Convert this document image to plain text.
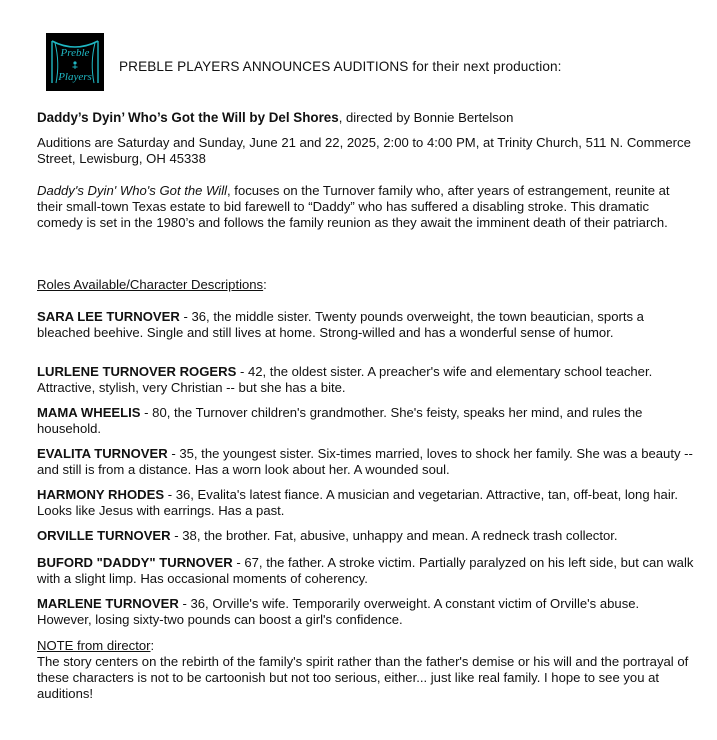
Preble
Players
PREBLE PLAYERS ANNOUNCES AUDITIONS for their next production:
Daddy’s Dyin’ Who’s Got the Will by Del Shores, directed by Bonnie Bertelson
Auditions are Saturday and Sunday, June 21 and 22, 2025, 2:00 to 4:00 PM, at Trinity Church, 511 N. Commerce Street, Lewisburg, OH 45338
Daddy's Dyin' Who's Got the Will, focuses on the Turnover family who, after years of estrangement, reunite at their small-town Texas estate to bid farewell to “Daddy” who has suffered a disabling stroke. This dramatic comedy is set in the 1980’s and follows the family reunion as they await the imminent death of their patriarch.
Roles Available/Character Descriptions:
SARA LEE TURNOVER - 36, the middle sister. Twenty pounds overweight, the town beautician, sports a bleached beehive. Single and still lives at home. Strong-willed and has a wonderful sense of humor.
LURLENE TURNOVER ROGERS - 42, the oldest sister. A preacher's wife and elementary school teacher. Attractive, stylish, very Christian -- but she has a bite.
MAMA WHEELIS - 80, the Turnover children's grandmother. She's feisty, speaks her mind, and rules the household.
EVALITA TURNOVER - 35, the youngest sister. Six-times married, loves to shock her family. She was a beauty -- and still is from a distance. Has a worn look about her. A wounded soul.
HARMONY RHODES - 36, Evalita's latest fiance. A musician and vegetarian. Attractive, tan, off-beat, long hair. Looks like Jesus with earrings. Has a past.
ORVILLE TURNOVER - 38, the brother. Fat, abusive, unhappy and mean. A redneck trash collector.
BUFORD "DADDY" TURNOVER - 67, the father. A stroke victim. Partially paralyzed on his left side, but can walk with a slight limp. Has occasional moments of coherency.
MARLENE TURNOVER - 36, Orville's wife. Temporarily overweight. A constant victim of Orville's abuse. However, losing sixty-two pounds can boost a girl's confidence.
NOTE from director:
The story centers on the rebirth of the family's spirit rather than the father's demise or his will and the portrayal of these characters is not to be cartoonish but not too serious, either... just like real family. I hope to see you at auditions!
